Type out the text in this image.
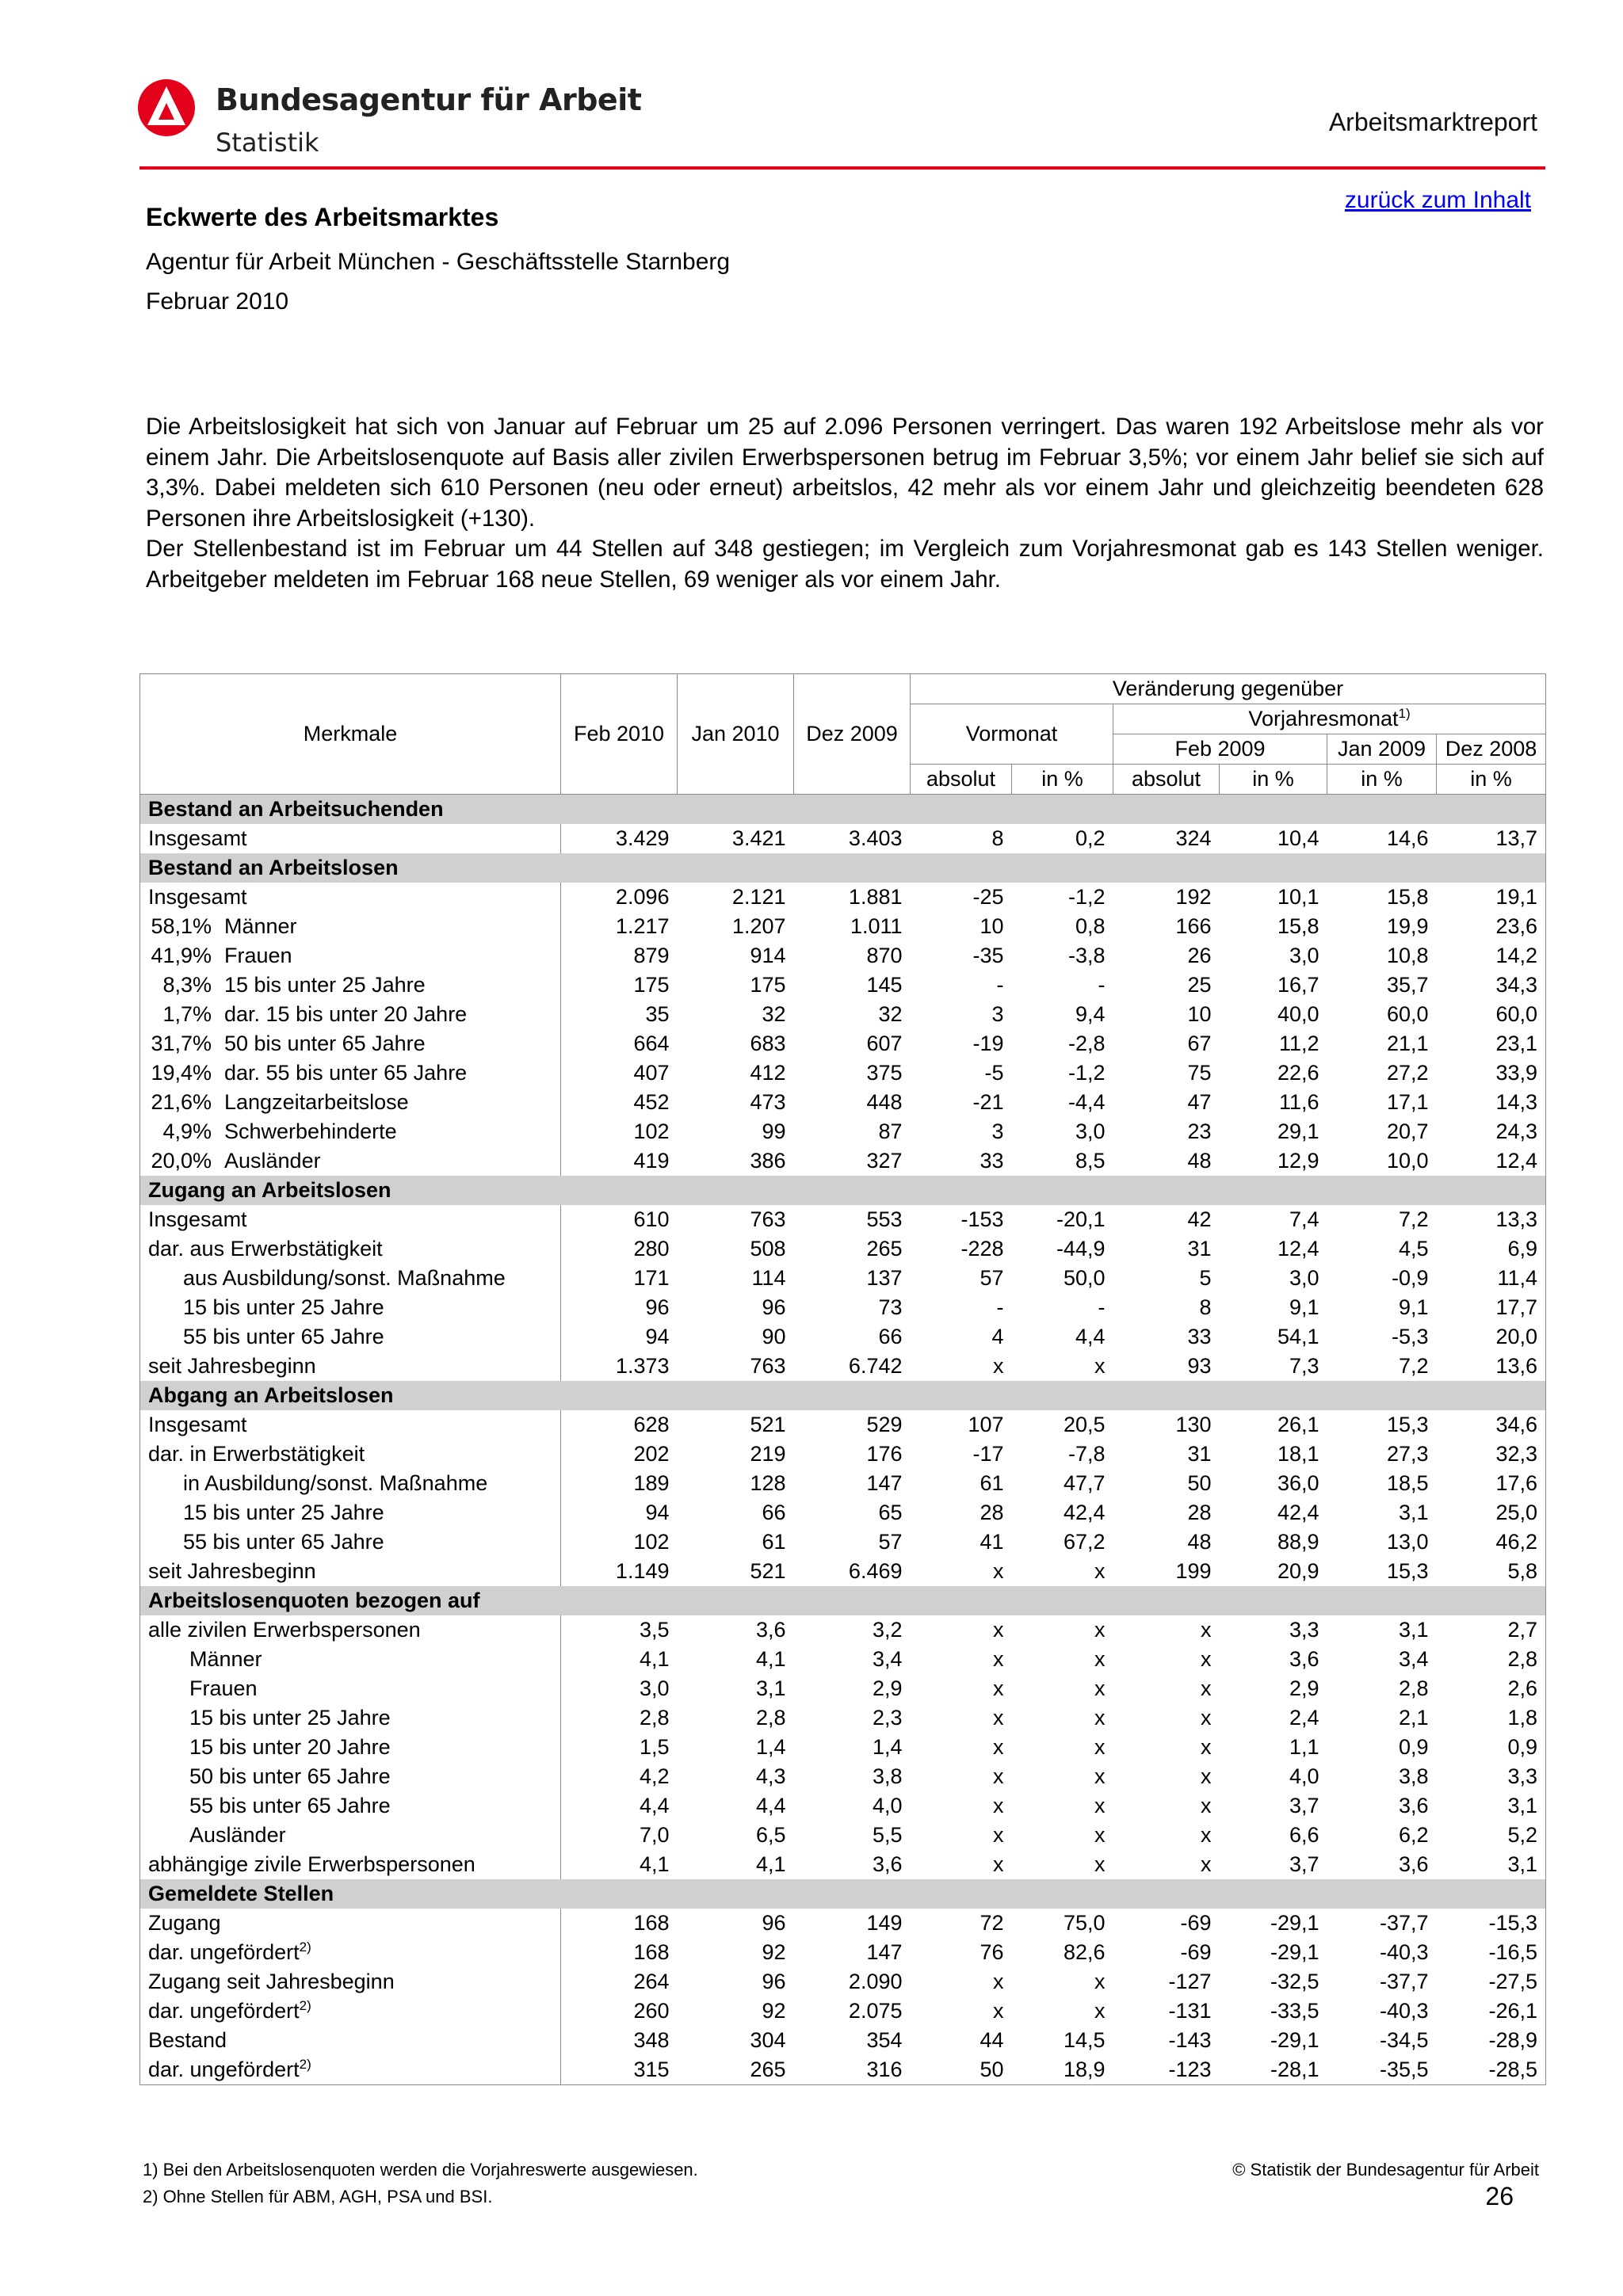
Bundesagentur für Arbeit
Statistik
Arbeitsmarktreport
zurück zum Inhalt
Eckwerte des Arbeitsmarktes
Agentur für Arbeit München - Geschäftsstelle Starnberg
Februar 2010

Die Arbeitslosigkeit hat sich von Januar auf Februar um 25 auf 2.096 Personen verringert. Das waren 192 Arbeitslose mehr als vor einem Jahr. Die Arbeitslosenquote auf Basis aller zivilen Erwerbspersonen betrug im Februar 3,5%; vor einem Jahr belief sie sich auf 3,3%. Dabei meldeten sich 610 Personen (neu oder erneut) arbeitslos, 42 mehr als vor einem Jahr und gleichzeitig beendeten 628 Personen ihre Arbeitslosigkeit (+130).

Der Stellenbestand ist im Februar um 44 Stellen auf 348 gestiegen; im Vergleich zum Vorjahresmonat gab es 143 Stellen weniger. Arbeitgeber meldeten im Februar 168 neue Stellen, 69 weniger als vor einem Jahr.

Merkmale	Feb 2010	Jan 2010	Dez 2009	Veränderung gegenüber					
				Vormonat		Vorjahresmonat$^{1)}$
						Feb 2009		Jan 2009	Dez 2008
				absolut	in %	absolut	in %	in %	in %
Bestand an Arbeitsuchenden									
Insgesamt	3.429	3.421	3.403	8	0,2	324	10,4	14,6	13,7
Bestand an Arbeitslosen									
Insgesamt	2.096	2.121	1.881	-25	-1,2	192	10,1	15,8	19,1
58,1% Männer	1.217	1.207	1.011	10	0,8	166	15,8	19,9	23,6
41,9% Frauen	879	914	870	-35	-3,8	26	3,0	10,8	14,2
8,3% 15 bis unter 25 Jahre	175	175	145	-	-	25	16,7	35,7	34,3
1,7% dar. 15 bis unter 20 Jahre	35	32	32	3	9,4	10	40,0	60,0	60,0
31,7% 50 bis unter 65 Jahre	664	683	607	-19	-2,8	67	11,2	21,1	23,1
19,4% dar. 55 bis unter 65 Jahre	407	412	375	-5	-1,2	75	22,6	27,2	33,9
21,6% Langzeitarbeitslose	452	473	448	-21	-4,4	47	11,6	17,1	14,3
4,9% Schwerbehinderte	102	99	87	3	3,0	23	29,1	20,7	24,3
20,0% Ausländer	419	386	327	33	8,5	48	12,9	10,0	12,4
Zugang an Arbeitslosen									
Insgesamt	610	763	553	-153	-20,1	42	7,4	7,2	13,3
dar. aus Erwerbstätigkeit	280	508	265	-228	-44,9	31	12,4	4,5	6,9
aus Ausbildung/sonst. Maßnahme	171	114	137	57	50,0	5	3,0	-0,9	11,4
15 bis unter 25 Jahre	96	96	73	-	-	8	9,1	9,1	17,7
55 bis unter 65 Jahre	94	90	66	4	4,4	33	54,1	-5,3	20,0
seit Jahresbeginn	1.373	763	6.742	x	x	93	7,3	7,2	13,6
Abgang an Arbeitslosen									
Insgesamt	628	521	529	107	20,5	130	26,1	15,3	34,6
dar. in Erwerbstätigkeit	202	219	176	-17	-7,8	31	18,1	27,3	32,3
in Ausbildung/sonst. Maßnahme	189	128	147	61	47,7	50	36,0	18,5	17,6
15 bis unter 25 Jahre	94	66	65	28	42,4	28	42,4	3,1	25,0
55 bis unter 65 Jahre	102	61	57	41	67,2	48	88,9	13,0	46,2
seit Jahresbeginn	1.149	521	6.469	x	x	199	20,9	15,3	5,8
Arbeitslosenquoten bezogen auf									
alle zivilen Erwerbspersonen	3,5	3,6	3,2	x	x	x	3,3	3,1	2,7
Männer	4,1	4,1	3,4	x	x	x	3,6	3,4	2,8
Frauen	3,0	3,1	2,9	x	x	x	2,9	2,8	2,6
15 bis unter 25 Jahre	2,8	2,8	2,3	x	x	x	2,4	2,1	1,8
15 bis unter 20 Jahre	1,5	1,4	1,4	x	x	x	1,1	0,9	0,9
50 bis unter 65 Jahre	4,2	4,3	3,8	x	x	x	4,0	3,8	3,3
55 bis unter 65 Jahre	4,4	4,4	4,0	x	x	x	3,7	3,6	3,1
Ausländer	7,0	6,5	5,5	x	x	x	6,6	6,2	5,2
abhängige zivile Erwerbspersonen	4,1	4,1	3,6	x	x	x	3,7	3,6	3,1
Gemeldete Stellen									
Zugang	168	96	149	72	75,0	-69	-29,1	-37,7	-15,3
dar. ungefördert$^{2)}$	168	92	147	76	82,6	-69	-29,1	-40,3	-16,5
Zugang seit Jahresbeginn	264	96	2.090	x	x	-127	-32,5	-37,7	-27,5
dar. ungefördert$^{2)}$	260	92	2.075	x	x	-131	-33,5	-40,3	-26,1
Bestand	348	304	354	44	14,5	-143	-29,1	-34,5	-28,9
dar. ungefördert$^{2)}$	315	265	316	50	18,9	-123	-28,1	-35,5	-28,5
1) Bei den Arbeitslosenquoten werden die Vorjahreswerte ausgewiesen.
2) Ohne Stellen für ABM, AGH, PSA und BSI.
© Statistik der Bundesagentur für Arbeit
26
